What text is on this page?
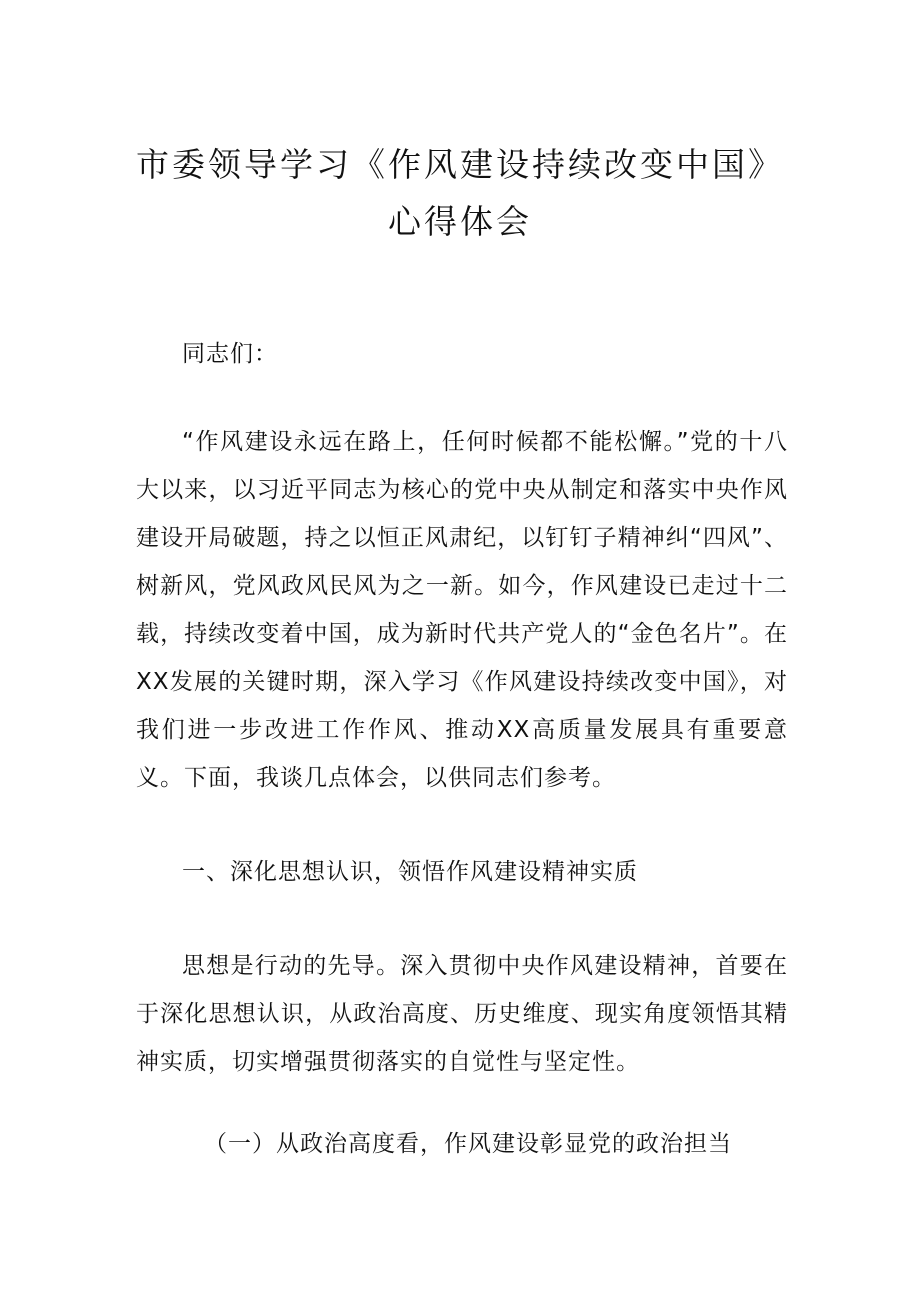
市委领导学习《作风建设持续改变中国》心得体会

同志们：

“作风建设永远在路上，任何时候都不能松懈。”党的十八大以来，以习近平同志为核心的党中央从制定和落实中央作风建设开局破题，持之以恒正风肃纪，以钉钉子精神纠“四风”、树新风，党风政风民风为之一新。如今，作风建设已走过十二载，持续改变着中国，成为新时代共产党人的“金色名片”。在XX发展的关键时期，深入学习《作风建设持续改变中国》，对我们进一步改进工作作风、推动XX高质量发展具有重要意义。下面，我谈几点体会，以供同志们参考。

一、深化思想认识，领悟作风建设精神实质

思想是行动的先导。深入贯彻中央作风建设精神，首要在于深化思想认识，从政治高度、历史维度、现实角度领悟其精神实质，切实增强贯彻落实的自觉性与坚定性。

（一）从政治高度看，作风建设彰显党的政治担当
